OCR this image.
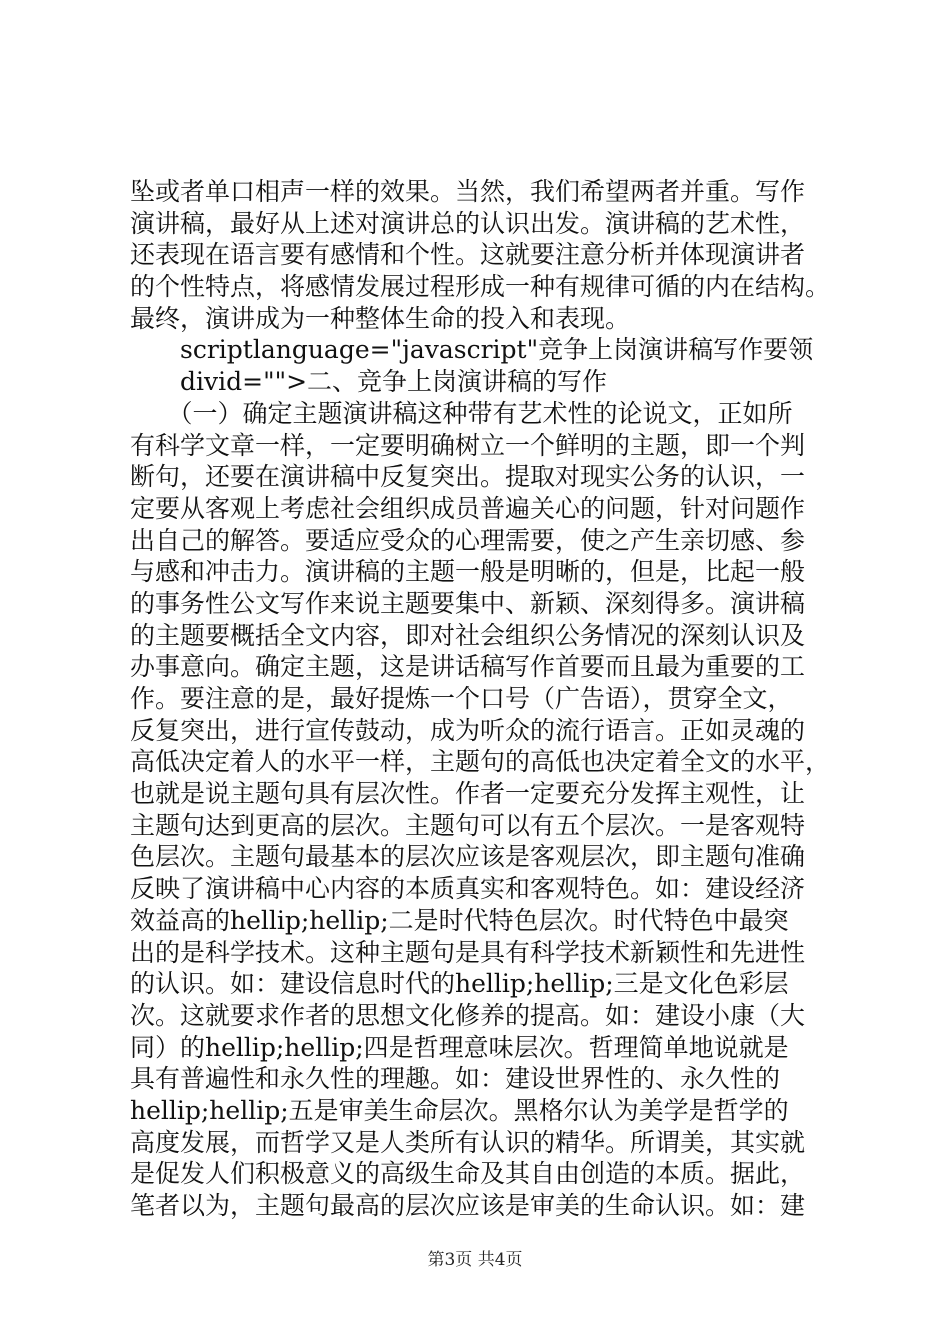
坠或者单口相声一样的效果。当然，我们希望两者并重。写作
演讲稿，最好从上述对演讲总的认识出发。演讲稿的艺术性，
还表现在语言要有感情和个性。这就要注意分析并体现演讲者
的个性特点，将感情发展过程形成一种有规律可循的内在结构。
最终，演讲成为一种整体生命的投入和表现。
　　scriptlanguage="javascript"竞争上岗演讲稿写作要领
　　divid="">二、竞争上岗演讲稿的写作
　　（一）确定主题演讲稿这种带有艺术性的论说文，正如所
有科学文章一样，一定要明确树立一个鲜明的主题，即一个判
断句，还要在演讲稿中反复突出。提取对现实公务的认识，一
定要从客观上考虑社会组织成员普遍关心的问题，针对问题作
出自己的解答。要适应受众的心理需要，使之产生亲切感、参
与感和冲击力。演讲稿的主题一般是明晰的，但是，比起一般
的事务性公文写作来说主题要集中、新颖、深刻得多。演讲稿
的主题要概括全文内容，即对社会组织公务情况的深刻认识及
办事意向。确定主题，这是讲话稿写作首要而且最为重要的工
作。要注意的是，最好提炼一个口号（广告语），贯穿全文，
反复突出，进行宣传鼓动，成为听众的流行语言。正如灵魂的
高低决定着人的水平一样，主题句的高低也决定着全文的水平，
也就是说主题句具有层次性。作者一定要充分发挥主观性，让
主题句达到更高的层次。主题句可以有五个层次。一是客观特
色层次。主题句最基本的层次应该是客观层次，即主题句准确
反映了演讲稿中心内容的本质真实和客观特色。如：建设经济
效益高的hellip;hellip;二是时代特色层次。时代特色中最突
出的是科学技术。这种主题句是具有科学技术新颖性和先进性
的认识。如：建设信息时代的hellip;hellip;三是文化色彩层
次。这就要求作者的思想文化修养的提高。如：建设小康（大
同）的hellip;hellip;四是哲理意味层次。哲理简单地说就是
具有普遍性和永久性的理趣。如：建设世界性的、永久性的
hellip;hellip;五是审美生命层次。黑格尔认为美学是哲学的
高度发展，而哲学又是人类所有认识的精华。所谓美，其实就
是促发人们积极意义的高级生命及其自由创造的本质。据此，
笔者以为，主题句最高的层次应该是审美的生命认识。如：建
第3页 共4页
